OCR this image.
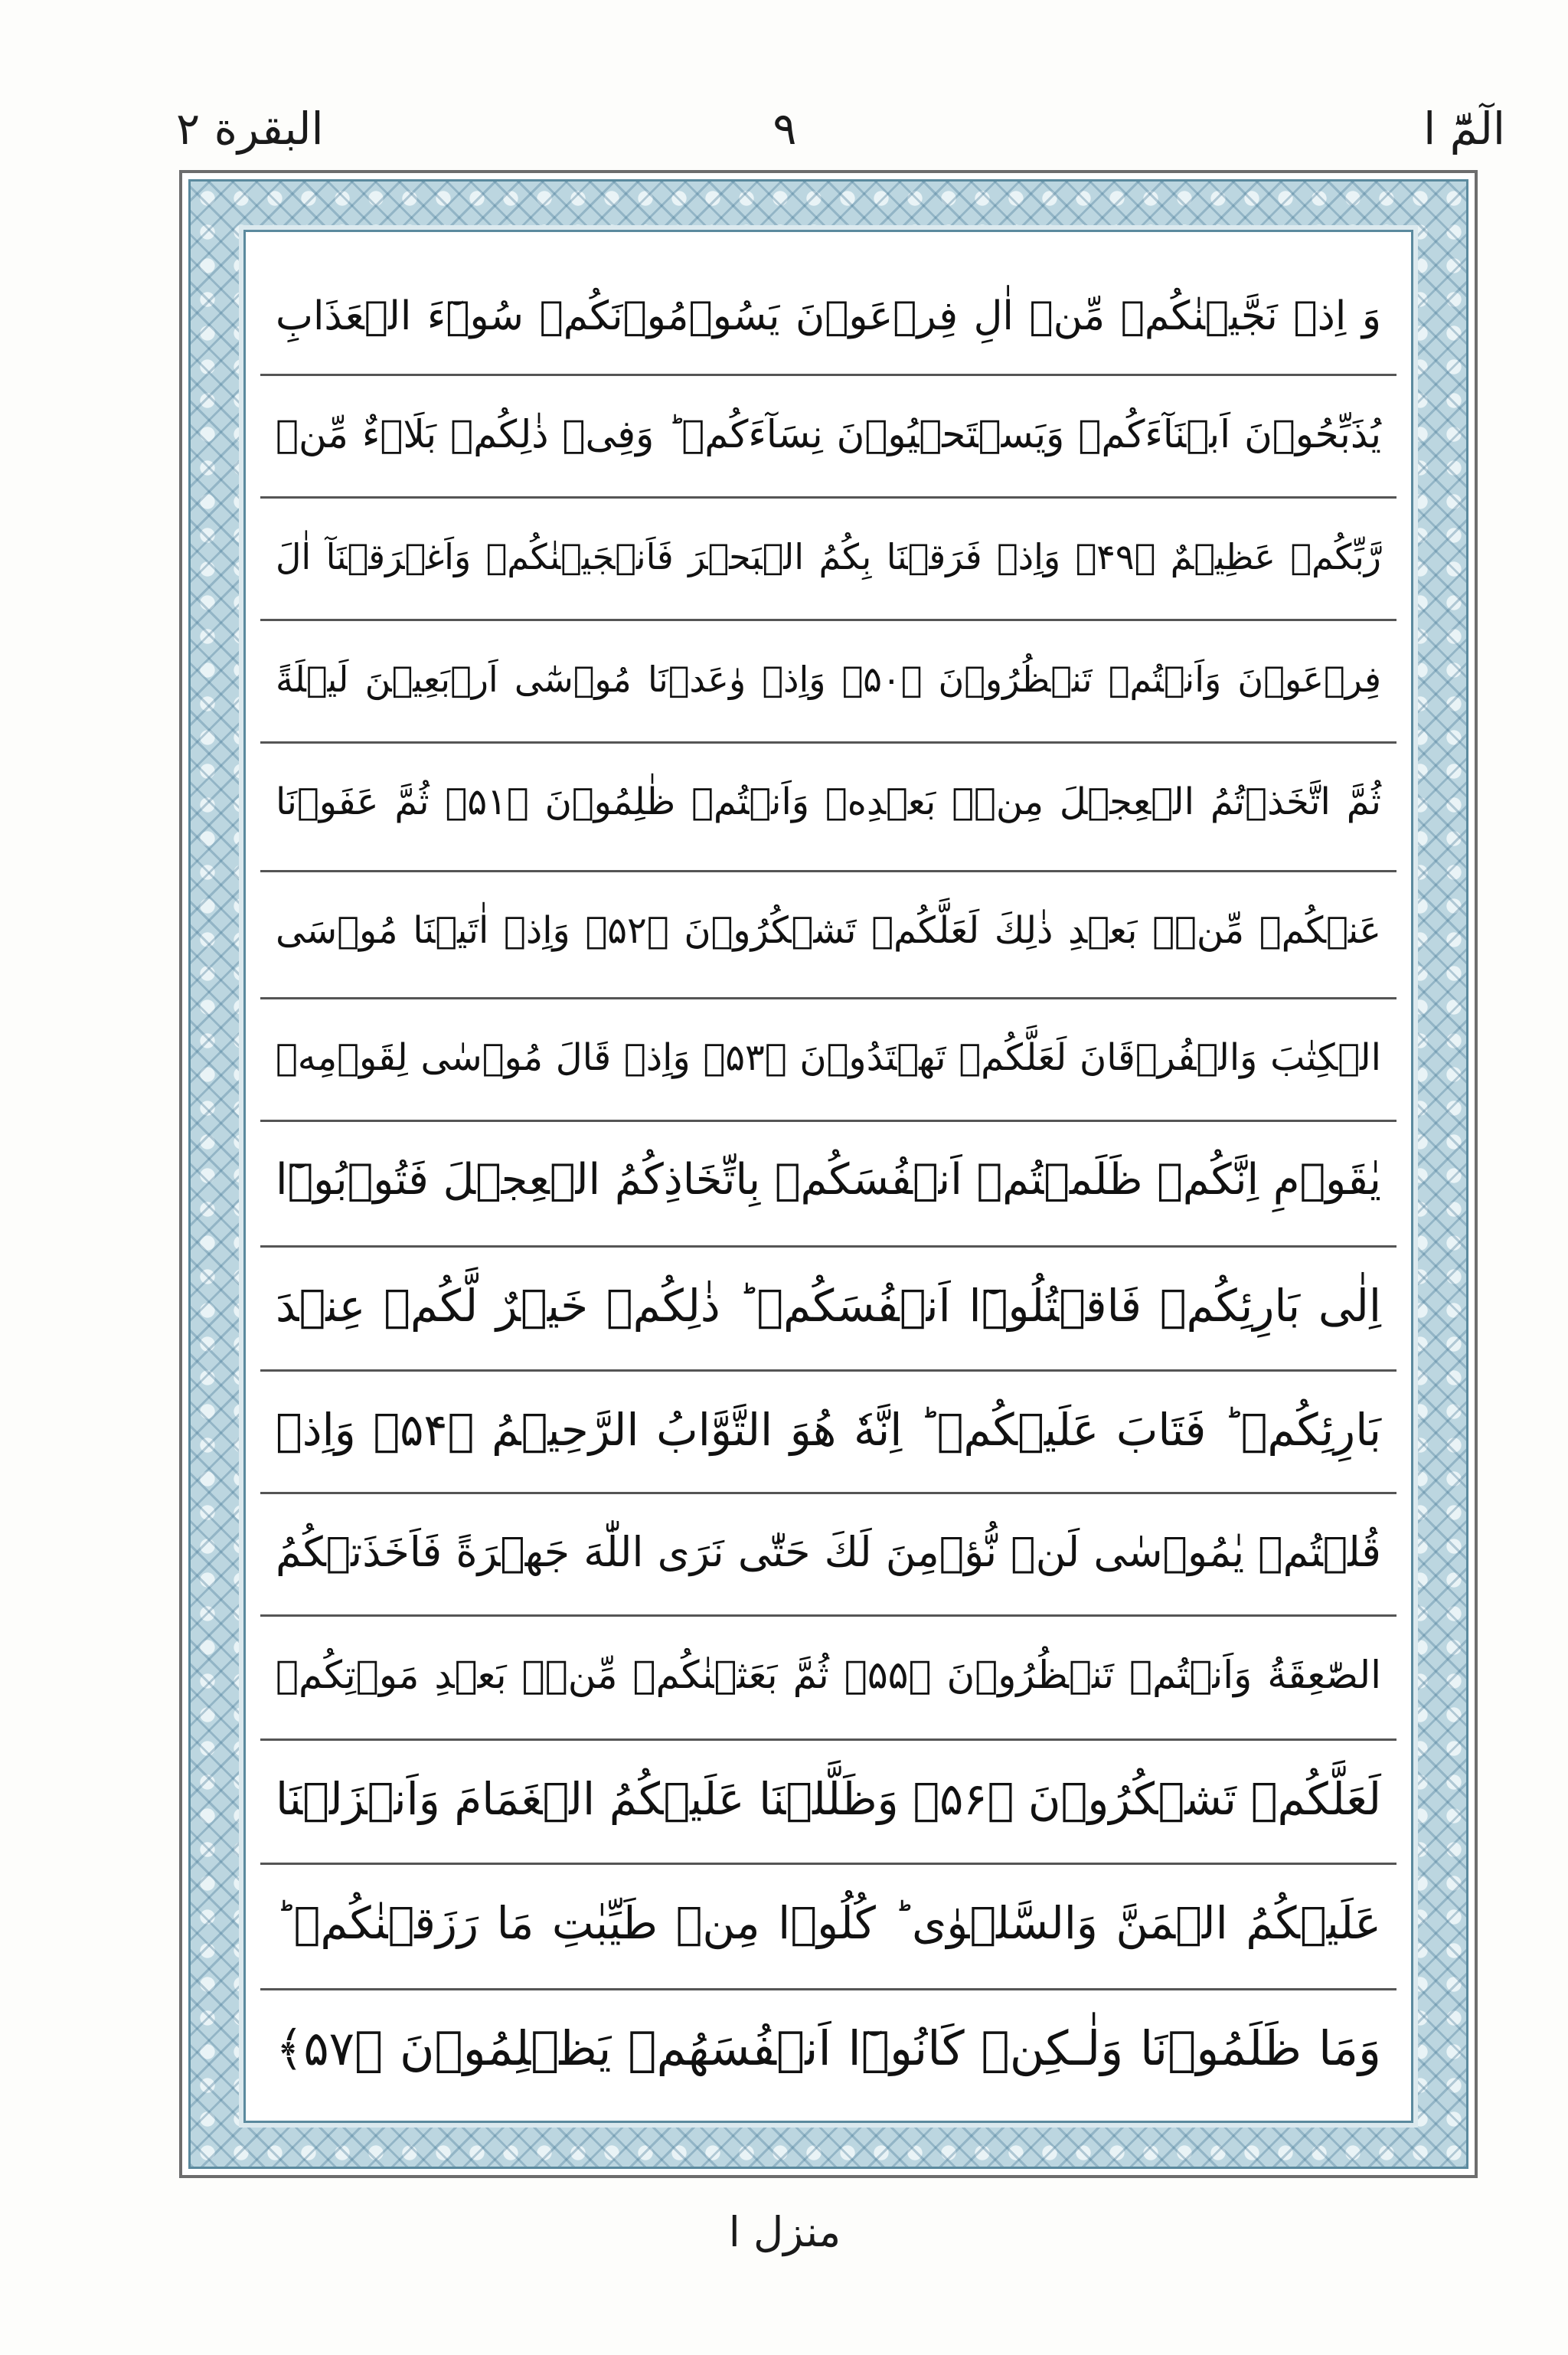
الٓمّٓ ا
٩
البقرة ٢
وَ اِذۡ نَجَّيۡنٰكُمۡ مِّنۡ اٰلِ فِرۡعَوۡنَ يَسُوۡمُوۡنَكُمۡ سُوۡٓءَ الۡعَذَابِ
يُذَبِّحُوۡنَ اَبۡنَآءَكُمۡ وَيَسۡتَحۡيُوۡنَ نِسَآءَكُمۡ ؕ وَفِىۡ ذٰلِكُمۡ بَلَاۤءٌ مِّنۡ
رَّبِّكُمۡ عَظِيۡمٌ ﴿۴۹﴾ وَاِذۡ فَرَقۡنَا بِكُمُ الۡبَحۡرَ فَاَنۡجَيۡنٰكُمۡ وَاَغۡرَقۡنَآ اٰلَ
فِرۡعَوۡنَ وَاَنۡتُمۡ تَنۡظُرُوۡنَ ﴿۵۰﴾ وَاِذۡ وٰعَدۡنَا مُوۡسٰٓى اَرۡبَعِيۡنَ لَيۡلَةً
ثُمَّ اتَّخَذۡتُمُ الۡعِجۡلَ مِنۡۢ بَعۡدِهٖ وَاَنۡتُمۡ ظٰلِمُوۡنَ ﴿۵۱﴾ ثُمَّ عَفَوۡنَا
عَنۡكُمۡ مِّنۡۢ بَعۡدِ ذٰلِكَ لَعَلَّكُمۡ تَشۡكُرُوۡنَ ﴿۵۲﴾ وَاِذۡ اٰتَيۡنَا مُوۡسَى
الۡكِتٰبَ وَالۡفُرۡقَانَ لَعَلَّكُمۡ تَهۡتَدُوۡنَ ﴿۵۳﴾ وَاِذۡ قَالَ مُوۡسٰى لِقَوۡمِهٖ
يٰقَوۡمِ اِنَّكُمۡ ظَلَمۡتُمۡ اَنۡفُسَكُمۡ بِاتِّخَاذِكُمُ الۡعِجۡلَ فَتُوۡبُوۡٓا
اِلٰى بَارِئِكُمۡ فَاقۡتُلُوۡٓا اَنۡفُسَكُمۡ ؕ ذٰلِكُمۡ خَيۡرٌ لَّكُمۡ عِنۡدَ
بَارِئِكُمۡ ؕ فَتَابَ عَلَيۡكُمۡ ؕ اِنَّهٗ هُوَ التَّوَّابُ الرَّحِيۡمُ ﴿۵۴﴾ وَاِذۡ
قُلۡتُمۡ يٰمُوۡسٰى لَنۡ نُّؤۡمِنَ لَكَ حَتّٰى نَرَى اللّٰهَ جَهۡرَةً فَاَخَذَتۡكُمُ
الصّٰعِقَةُ وَاَنۡتُمۡ تَنۡظُرُوۡنَ ﴿۵۵﴾ ثُمَّ بَعَثۡنٰكُمۡ مِّنۡۢ بَعۡدِ مَوۡتِكُمۡ
لَعَلَّكُمۡ تَشۡكُرُوۡنَ ﴿۵۶﴾ وَظَلَّلۡنَا عَلَيۡكُمُ الۡغَمَامَ وَاَنۡزَلۡنَا
عَلَيۡكُمُ الۡمَنَّ وَالسَّلۡوٰى ؕ كُلُوۡا مِنۡ طَيِّبٰتِ مَا رَزَقۡنٰكُمۡ ؕ
وَمَا ظَلَمُوۡنَا وَلٰـكِنۡ كَانُوۡٓا اَنۡفُسَهُمۡ يَظۡلِمُوۡنَ ﴿۵۷﴾
منزل ا
